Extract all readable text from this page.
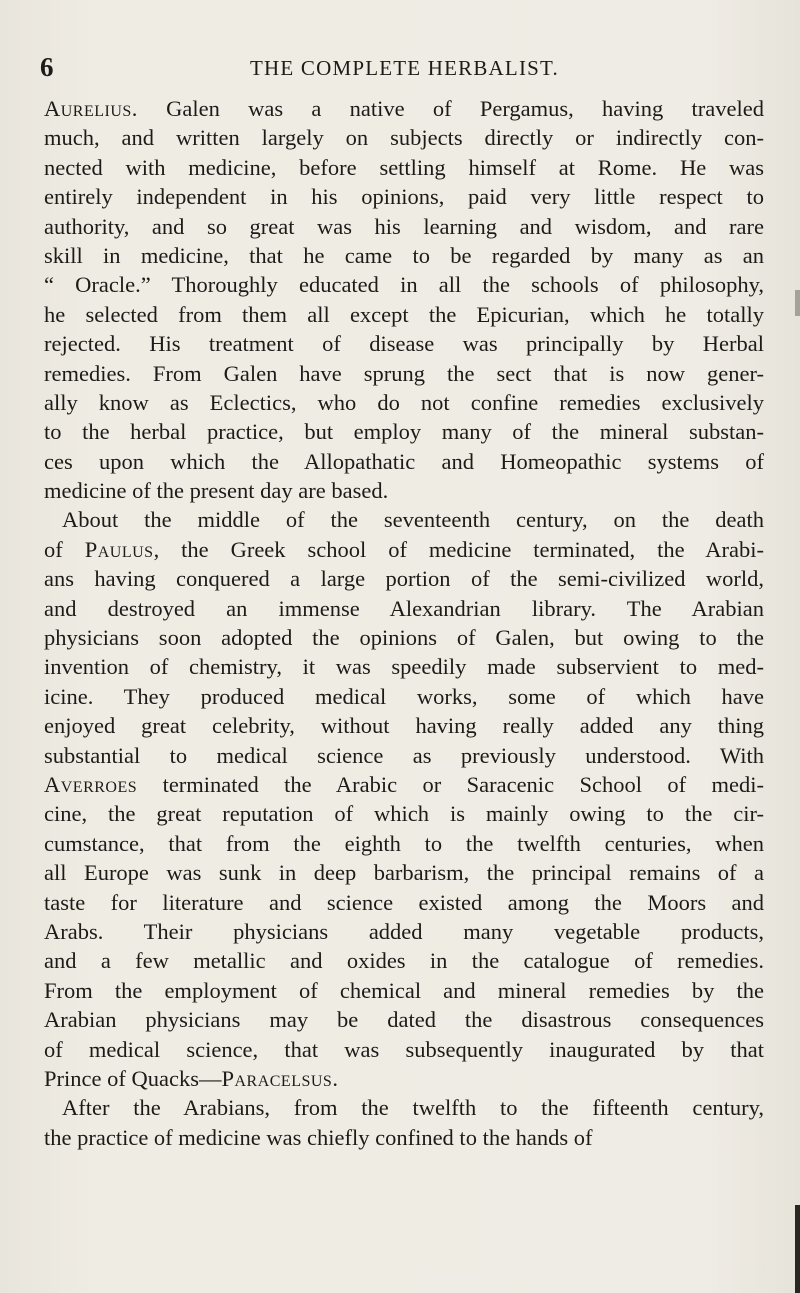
6	THE COMPLETE HERBALIST.
Aurelius. Galen was a native of Pergamus, having traveled
much, and written largely on subjects directly or indirectly con-
nected with medicine, before settling himself at Rome. He was
entirely independent in his opinions, paid very little respect to
authority, and so great was his learning and wisdom, and rare
skill in medicine, that he came to be regarded by many as an
“ Oracle.” Thoroughly educated in all the schools of philosophy,
he selected from them all except the Epicurian, which he totally
rejected. His treatment of disease was principally by Herbal
remedies. From Galen have sprung the sect that is now gener-
ally know as Eclectics, who do not confine remedies exclusively
to the herbal practice, but employ many of the mineral substan-
ces upon which the Allopathatic and Homeopathic systems of
medicine of the present day are based.
About the middle of the seventeenth century, on the death
of Paulus, the Greek school of medicine terminated, the Arabi-
ans having conquered a large portion of the semi-civilized world,
and destroyed an immense Alexandrian library. The Arabian
physicians soon adopted the opinions of Galen, but owing to the
invention of chemistry, it was speedily made subservient to med-
icine. They produced medical works, some of which have
enjoyed great celebrity, without having really added any thing
substantial to medical science as previously understood. With
Averroes terminated the Arabic or Saracenic School of medi-
cine, the great reputation of which is mainly owing to the cir-
cumstance, that from the eighth to the twelfth centuries, when
all Europe was sunk in deep barbarism, the principal remains of a
taste for literature and science existed among the Moors and
Arabs. Their physicians added many vegetable products,
and a few metallic and oxides in the catalogue of remedies.
From the employment of chemical and mineral remedies by the
Arabian physicians may be dated the disastrous consequences
of medical science, that was subsequently inaugurated by that
Prince of Quacks—Paracelsus.
After the Arabians, from the twelfth to the fifteenth century,
the practice of medicine was chiefly confined to the hands of
